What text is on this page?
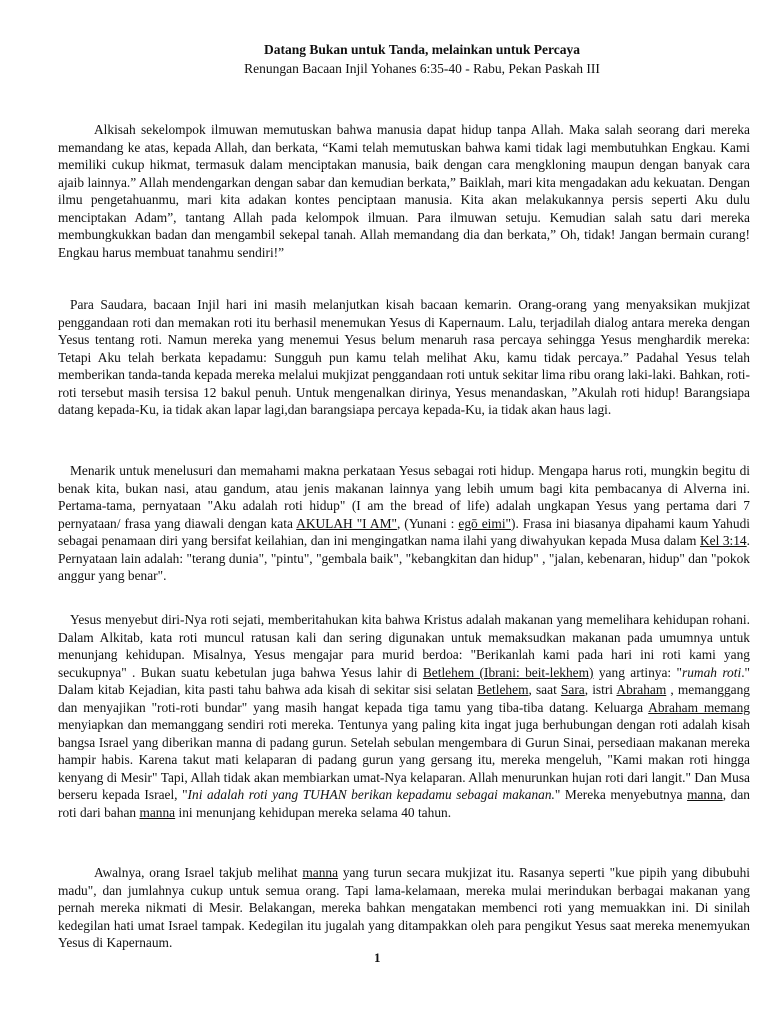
Datang Bukan untuk Tanda, melainkan untuk Percaya
Renungan Bacaan Injil Yohanes 6:35-40 - Rabu, Pekan Paskah III

Alkisah sekelompok ilmuwan memutuskan bahwa manusia dapat hidup tanpa Allah. Maka salah seorang dari mereka memandang ke atas, kepada Allah, dan berkata, “Kami telah memutuskan bahwa kami tidak lagi membutuhkan Engkau. Kami memiliki cukup hikmat, termasuk dalam menciptakan manusia, baik dengan cara mengkloning maupun dengan banyak cara ajaib lainnya.” Allah mendengarkan dengan sabar dan kemudian berkata,” Baiklah, mari kita mengadakan adu kekuatan. Dengan ilmu pengetahuanmu, mari kita adakan kontes penciptaan manusia. Kita akan melakukannya persis seperti Aku dulu menciptakan Adam”, tantang Allah pada kelompok ilmuan. Para ilmuwan setuju. Kemudian salah satu dari mereka membungkukkan badan dan mengambil sekepal tanah. Allah memandang dia dan berkata,” Oh, tidak! Jangan bermain curang! Engkau harus membuat tanahmu sendiri!”

Para Saudara, bacaan Injil hari ini masih melanjutkan kisah bacaan kemarin. Orang-orang yang menyaksikan mukjizat penggandaan roti dan memakan roti itu berhasil menemukan Yesus di Kapernaum. Lalu, terjadilah dialog antara mereka dengan Yesus tentang roti. Namun mereka yang menemui Yesus belum menaruh rasa percaya sehingga Yesus menghardik mereka: Tetapi Aku telah berkata kepadamu: Sungguh pun kamu telah melihat Aku, kamu tidak percaya.” Padahal Yesus telah memberikan tanda-tanda kepada mereka melalui mukjizat penggandaan roti untuk sekitar lima ribu orang laki-laki. Bahkan, roti-roti tersebut masih tersisa 12 bakul penuh. Untuk mengenalkan dirinya, Yesus menandaskan, ”Akulah roti hidup! Barangsiapa datang kepada-Ku, ia tidak akan lapar lagi,dan barangsiapa percaya kepada-Ku, ia tidak akan haus lagi.

Menarik untuk menelusuri dan memahami makna perkataan Yesus sebagai roti hidup. Mengapa harus roti, mungkin begitu di benak kita, bukan nasi, atau gandum, atau jenis makanan lainnya yang lebih umum bagi kita pembacanya di Alverna ini. Pertama-tama, pernyataan "Aku adalah roti hidup" (I am the bread of life) adalah ungkapan Yesus yang pertama dari 7 pernyataan/ frasa yang diawali dengan kata AKULAH "I AM", (Yunani : egō eimi"). Frasa ini biasanya dipahami kaum Yahudi sebagai penamaan diri yang bersifat keilahian, dan ini mengingatkan nama ilahi yang diwahyukan kepada Musa dalam Kel 3:14. Pernyataan lain adalah: "terang dunia", "pintu", "gembala baik", "kebangkitan dan hidup" , "jalan, kebenaran, hidup" dan "pokok anggur yang benar".

Yesus menyebut diri-Nya roti sejati, memberitahukan kita bahwa Kristus adalah makanan yang memelihara kehidupan rohani. Dalam Alkitab, kata roti muncul ratusan kali dan sering digunakan untuk memaksudkan makanan pada umumnya untuk menunjang kehidupan. Misalnya, Yesus mengajar para murid berdoa: "Berikanlah kami pada hari ini roti kami yang secukupnya" . Bukan suatu kebetulan juga bahwa Yesus lahir di Betlehem (Ibrani: beit-lekhem) yang artinya: "rumah roti." Dalam kitab Kejadian, kita pasti tahu bahwa ada kisah di sekitar sisi selatan Betlehem, saat Sara, istri Abraham , memanggang dan menyajikan "roti-roti bundar" yang masih hangat kepada tiga tamu yang tiba-tiba datang. Keluarga Abraham memang menyiapkan dan memanggang sendiri roti mereka. Tentunya yang paling kita ingat juga berhubungan dengan roti adalah kisah bangsa Israel yang diberikan manna di padang gurun. Setelah sebulan mengembara di Gurun Sinai, persediaan makanan mereka hampir habis. Karena takut mati kelaparan di padang gurun yang gersang itu, mereka mengeluh, "Kami makan roti hingga kenyang di Mesir" Tapi, Allah tidak akan membiarkan umat-Nya kelaparan. Allah menurunkan hujan roti dari langit." Dan Musa berseru kepada Israel, "Ini adalah roti yang TUHAN berikan kepadamu sebagai makanan." Mereka menyebutnya manna, dan roti dari bahan manna ini menunjang kehidupan mereka selama 40 tahun.

Awalnya, orang Israel takjub melihat manna yang turun secara mukjizat itu. Rasanya seperti "kue pipih yang dibubuhi madu", dan jumlahnya cukup untuk semua orang. Tapi lama-kelamaan, mereka mulai merindukan berbagai makanan yang pernah mereka nikmati di Mesir. Belakangan, mereka bahkan mengatakan membenci roti yang memuakkan ini. Di sinilah kedegilan hati umat Israel tampak. Kedegilan itu jugalah yang ditampakkan oleh para pengikut Yesus saat mereka menemyukan Yesus di Kapernaum.

1
